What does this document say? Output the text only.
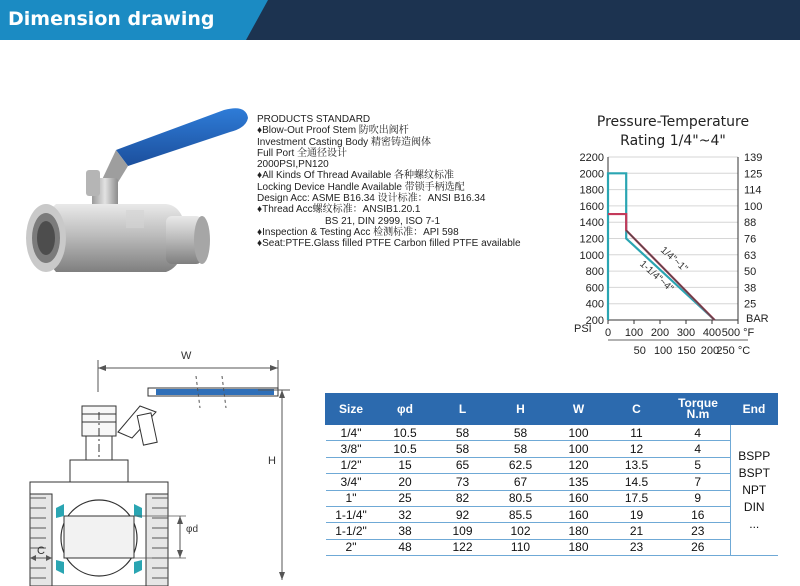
Dimension drawing
PRODUCTS STANDARD
♦Blow-Out Proof Stem 防吹出阀杆
Investment Casting Body 精密铸造阀体
Full Port 全通径设计
2000PSI,PN120
♦All Kinds Of Thread Available 各种螺纹标准
Locking Device Handle Available 带锁手柄选配
Design Acc: ASME B16.34 设计标准：ANSI B16.34
♦Thread Acc螺纹标准：ANSIB1.20.1
BS 21, DIN 2999, ISO 7-1
♦Inspection & Testing Acc 检测标准：API 598
♦Seat:PTFE.Glass filled PTFE Carbon filled PTFE available
Pressure-Temperature
Rating 1/4"~4"
2200
2000
1800
1600
1400
1200
1000
800
600
400
200
139
125
114
100
88
76
63
50
38
25
PSI
BAR
0 100 200 300 400 500 °F
50 100 150 200
250 °C
1/4"~1"
1-1/4"~4"
W
H
φd
C
Size	φd	L	H	W	C	Torque N.m	End
1/4"	10.5	58	58	100	11	4	BSPP
BSPT
NPT
DIN
...

3/8"	10.5	58	58	100	12	4	
1/2"	15	65	62.5	120	13.5	5	
3/4"	20	73	67	135	14.5	7	
1"	25	82	80.5	160	17.5	9	
1-1/4"	32	92	85.5	160	19	16	
1-1/2"	38	109	102	180	21	23	
2"	48	122	110	180	23	26	
